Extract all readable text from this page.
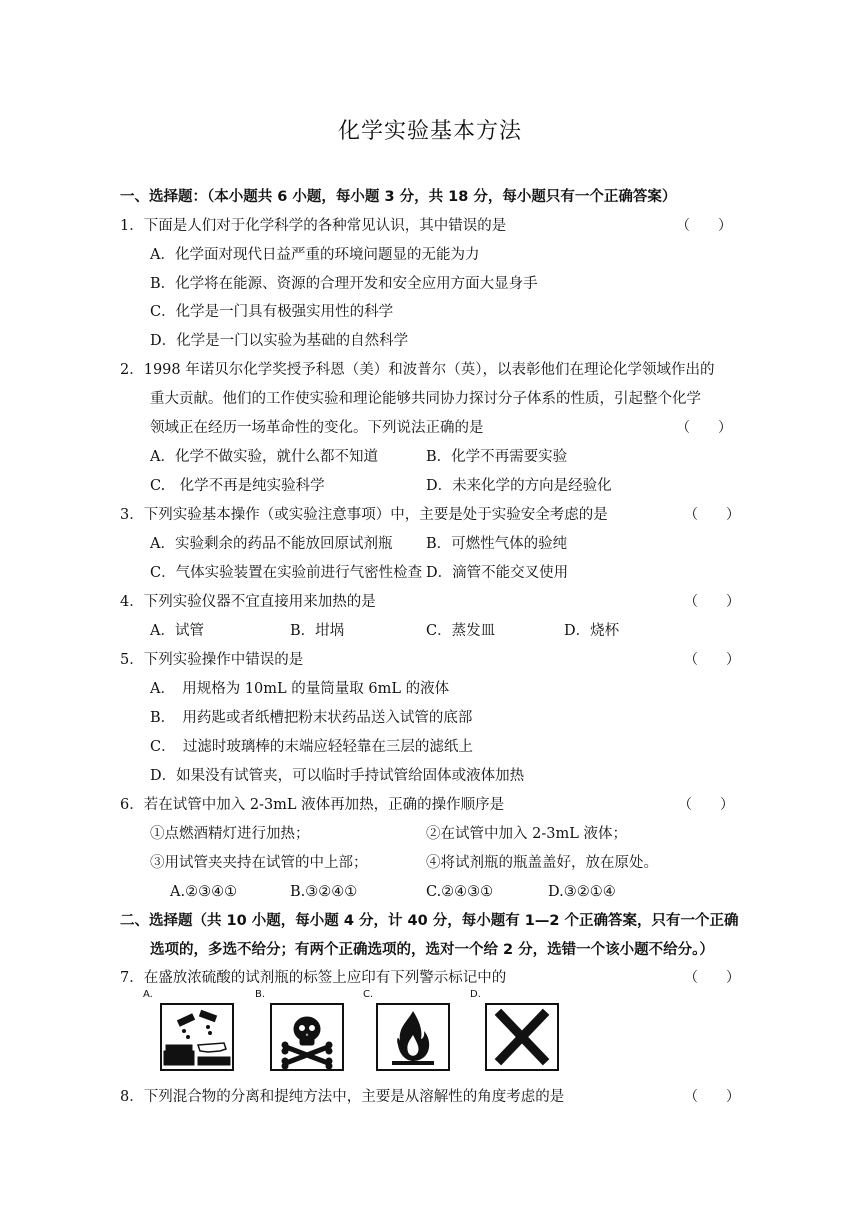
化学实验基本方法
一、选择题：（本小题共 6 小题，每小题 3 分，共 18 分，每小题只有一个正确答案）
1．下面是人们对于化学科学的各种常见认识，其中错误的是	（　　）
A．化学面对现代日益严重的环境问题显的无能为力
B．化学将在能源、资源的合理开发和安全应用方面大显身手
C．化学是一门具有极强实用性的科学
D．化学是一门以实验为基础的自然科学
2．1998 年诺贝尔化学奖授予科恩（美）和波普尔（英），以表彰他们在理论化学领域作出的
重大贡献。他们的工作使实验和理论能够共同协力探讨分子体系的性质，引起整个化学
领域正在经历一场革命性的变化。下列说法正确的是	（　　）
A．化学不做实验，就什么都不知道	B．化学不再需要实验
C.　化学不再是纯实验科学	D．未来化学的方向是经验化
3．下列实验基本操作（或实验注意事项）中，主要是处于实验安全考虑的是	（　　）
A．实验剩余的药品不能放回原试剂瓶 B．可燃性气体的验纯
C．气体实验装置在实验前进行气密性检查 D．滴管不能交叉使用
4．下列实验仪器不宜直接用来加热的是	（　　）
A．试管	B．坩埚	C．蒸发皿	D．烧杯
5．下列实验操作中错误的是	（　　）
A．　用规格为 10mL 的量筒量取 6mL 的液体
B．　用药匙或者纸槽把粉末状药品送入试管的底部
C．　过滤时玻璃棒的末端应轻轻靠在三层的滤纸上
D．如果没有试管夹，可以临时手持试管给固体或液体加热
6．若在试管中加入 2-3mL 液体再加热，正确的操作顺序是	（　　）
①点燃酒精灯进行加热；	②在试管中加入 2-3mL 液体；
③用试管夹夹持在试管的中上部；	④将试剂瓶的瓶盖盖好，放在原处。
A.②③④①	B.③②④①	C.②④③①	D.③②①④
二、选择题（共 10 小题，每小题 4 分，计 40 分，每小题有 1—2 个正确答案，只有一个正确
选项的，多选不给分；有两个正确选项的，选对一个给 2 分，选错一个该小题不给分。）
7．在盛放浓硫酸的试剂瓶的标签上应印有下列警示标记中的	（　　）
A.	B.	C.	D.
8．下列混合物的分离和提纯方法中，主要是从溶解性的角度考虑的是	（　　）
